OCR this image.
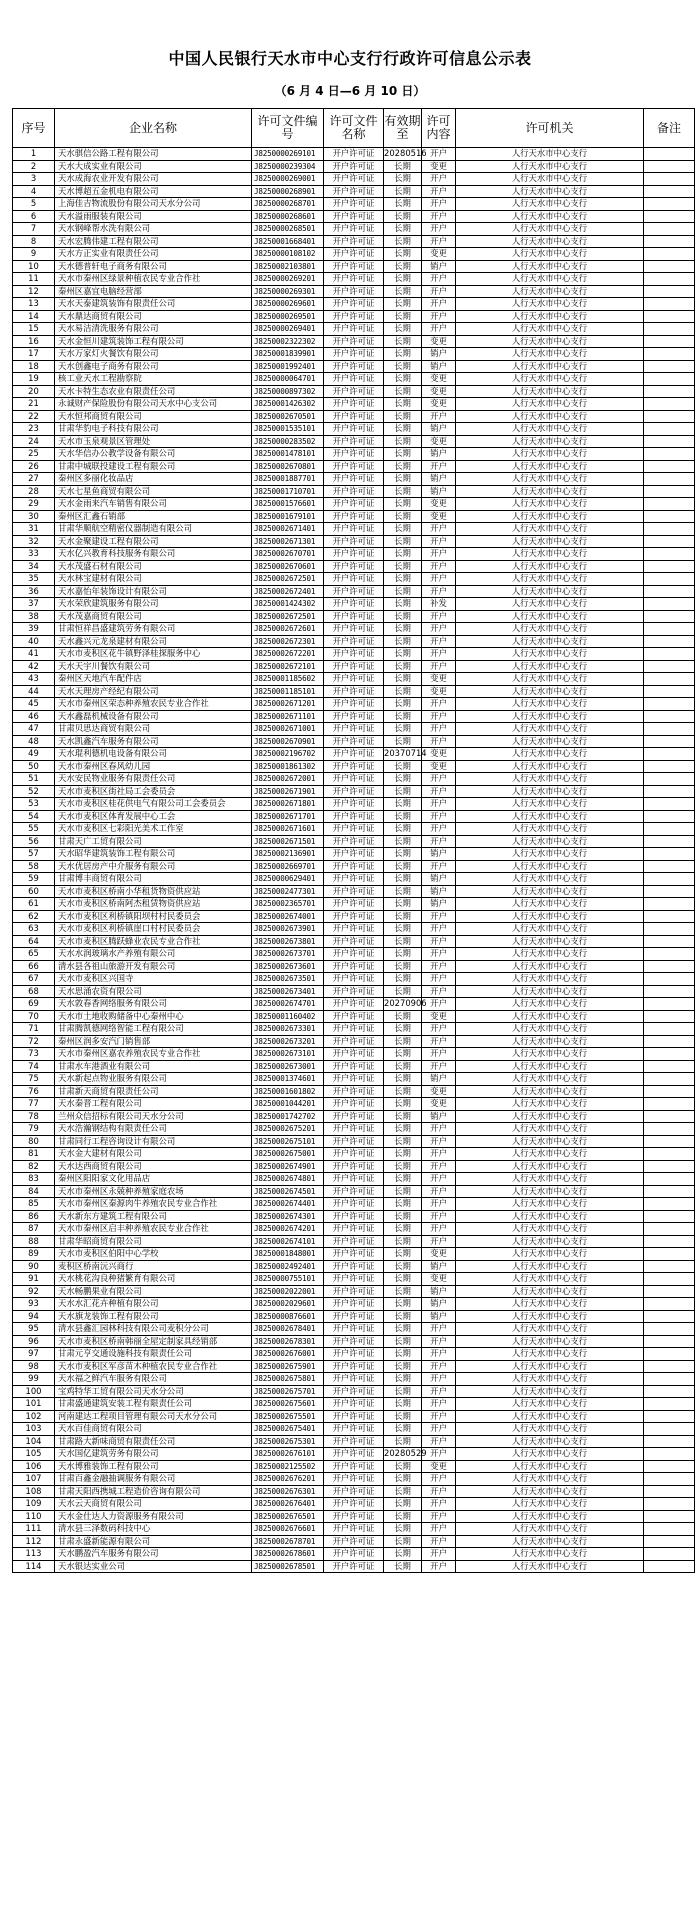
中国人民银行天水市中心支行行政许可信息公示表
（6 月 4 日—6 月 10 日）
序号	企业名称	许可文件编号	许可文件名称	有效期至	许可内容	许可机关	备注
1	天水骐信公路工程有限公司	J8250000269101	开户许可证	20280516	开户	人行天水市中心支行	
2	天水大成实业有限公司	J8250000239304	开户许可证	长期	变更	人行天水市中心支行	
3	天水成海农业开发有限公司	J8250000269001	开户许可证	长期	开户	人行天水市中心支行	
4	天水博超五金机电有限公司	J8250000268901	开户许可证	长期	开户	人行天水市中心支行	
5	上海佳吉物流股份有限公司天水分公司	J8250000268701	开户许可证	长期	开户	人行天水市中心支行	
6	天水溢雨服装有限公司	J8250000268601	开户许可证	长期	开户	人行天水市中心支行	
7	天水钢峰帮水洗有限公司	J8250000268501	开户许可证	长期	开户	人行天水市中心支行	
8	天水宏腾伟建工程有限公司	J8250001668401	开户许可证	长期	开户	人行天水市中心支行	
9	天水方正实业有限责任公司	J8250000108102	开户许可证	长期	变更	人行天水市中心支行	
10	天水德普轩电子商务有限公司	J8250002103801	开户许可证	长期	销户	人行天水市中心支行	
11	天水市秦州区绿景种植农民专业合作社	J8250000269201	开户许可证	长期	开户	人行天水市中心支行	
12	秦州区嘉宜电脑经营部	J8250000269301	开户许可证	长期	开户	人行天水市中心支行	
13	天水天泰建筑装饰有限责任公司	J8250000269601	开户许可证	长期	开户	人行天水市中心支行	
14	天水鼎达商贸有限公司	J8250000269501	开户许可证	长期	开户	人行天水市中心支行	
15	天水易洁清洗服务有限公司	J8250000269401	开户许可证	长期	开户	人行天水市中心支行	
16	天水金恒川建筑装饰工程有限公司	J8250002322302	开户许可证	长期	变更	人行天水市中心支行	
17	天水万家灯火餐饮有限公司	J8250001839901	开户许可证	长期	销户	人行天水市中心支行	
18	天水创鑫电子商务有限公司	J8250001992401	开户许可证	长期	销户	人行天水市中心支行	
19	核工业天水工程勘察院	J8250000064701	开户许可证	长期	变更	人行天水市中心支行	
20	天水卡特生态农业有限责任公司	J8250000897302	开户许可证	长期	变更	人行天水市中心支行	
21	永诚财产保险股份有限公司天水中心支公司	J8250001426302	开户许可证	长期	变更	人行天水市中心支行	
22	天水恒邦商贸有限公司	J8250002670501	开户许可证	长期	开户	人行天水市中心支行	
23	甘肃华豹电子科技有限公司	J8250001535101	开户许可证	长期	销户	人行天水市中心支行	
24	天水市玉泉观景区管理处	J8250000283502	开户许可证	长期	变更	人行天水市中心支行	
25	天水华信办公教学设备有限公司	J8250001478101	开户许可证	长期	销户	人行天水市中心支行	
26	甘肃中城联投建设工程有限公司	J8250002670801	开户许可证	长期	开户	人行天水市中心支行	
27	秦州区多丽化妆品店	J8250001887701	开户许可证	长期	销户	人行天水市中心支行	
28	天水七星鱼商贸有限公司	J8250001710701	开户许可证	长期	销户	人行天水市中心支行	
29	天水金雨来汽车销售有限公司	J8250001576601	开户许可证	长期	变更	人行天水市中心支行	
30	秦州区汇鑫石销部	J8250001679101	开户许可证	长期	变更	人行天水市中心支行	
31	甘肃华顺航空精密仪器制造有限公司	J8250002671401	开户许可证	长期	开户	人行天水市中心支行	
32	天水金聚建设工程有限公司	J8250002671301	开户许可证	长期	开户	人行天水市中心支行	
33	天水亿兴教育科技服务有限公司	J8250002670701	开户许可证	长期	开户	人行天水市中心支行	
34	天水茂盛石材有限公司	J8250002670601	开户许可证	长期	开户	人行天水市中心支行	
35	天水林宝建材有限公司	J8250002672501	开户许可证	长期	开户	人行天水市中心支行	
36	天水嘉怡年装饰设计有限公司	J8250002672401	开户许可证	长期	开户	人行天水市中心支行	
37	天水荣欣建筑服务有限公司	J8250001424302	开户许可证	长期	补发	人行天水市中心支行	
38	天水茂嘉商贸有限公司	J8250002672501	开户许可证	长期	开户	人行天水市中心支行	
39	甘肃恒祥昌盛建筑劳务有限公司	J8250002672601	开户许可证	长期	开户	人行天水市中心支行	
40	天水鑫兴元龙泉建材有限公司	J8250002672301	开户许可证	长期	开户	人行天水市中心支行	
41	天水市麦积区花牛镇野泽桂探服务中心	J8250002672201	开户许可证	长期	开户	人行天水市中心支行	
42	天水天宇川餐饮有限公司	J8250002672101	开户许可证	长期	开户	人行天水市中心支行	
43	秦州区天地汽车配件店	J8250001185602	开户许可证	长期	变更	人行天水市中心支行	
44	天水天理房产经纪有限公司	J8250001185101	开户许可证	长期	变更	人行天水市中心支行	
45	天水市秦州区荣态种养殖农民专业合作社	J8250002671201	开户许可证	长期	开户	人行天水市中心支行	
46	天水鑫磊机械设备有限公司	J8250002671101	开户许可证	长期	开户	人行天水市中心支行	
47	甘肃贝思达商贸有限公司	J8250002671001	开户许可证	长期	开户	人行天水市中心支行	
48	天水凯鑫汽车服务有限公司	J8250002670901	开户许可证	长期	开户	人行天水市中心支行	
49	天水琨利德机电设备有限公司	J8250002196702	开户许可证	20370714	变更	人行天水市中心支行	
50	天水市秦州区春风幼儿园	J8250001861302	开户许可证	长期	变更	人行天水市中心支行	
51	天水安民物业服务有限责任公司	J8250002672001	开户许可证	长期	开户	人行天水市中心支行	
52	天水市麦积区街社局工会委员会	J8250002671901	开户许可证	长期	开户	人行天水市中心支行	
53	天水市麦积区桂花供电气有限公司工会委员会	J8250002671801	开户许可证	长期	开户	人行天水市中心支行	
54	天水市麦积区体育发展中心工会	J8250002671701	开户许可证	长期	开户	人行天水市中心支行	
55	天水市麦积区七彩阳光美术工作室	J8250002671601	开户许可证	长期	开户	人行天水市中心支行	
56	甘肃天广工贸有限公司	J8250002671501	开户许可证	长期	开户	人行天水市中心支行	
57	天水昭华建筑装饰工程有限公司	J8250002136901	开户许可证	长期	销户	人行天水市中心支行	
58	天水优居房产中介服务有限公司	J8250002669701	开户许可证	长期	开户	人行天水市中心支行	
59	甘肃博丰商贸有限公司	J8250000629401	开户许可证	长期	销户	人行天水市中心支行	
60	天水市麦积区桥南小华租货物资供应站	J8250002477301	开户许可证	长期	销户	人行天水市中心支行	
61	天水市麦积区桥南阿杰租赁物资供应站	J8250002365701	开户许可证	长期	销户	人行天水市中心支行	
62	天水市麦积区利桥镇阳坝村村民委员会	J8250002674001	开户许可证	长期	开户	人行天水市中心支行	
63	天水市麦积区利桥镇崖口村村民委员会	J8250002673901	开户许可证	长期	开户	人行天水市中心支行	
64	天水市麦积区腾跃蜂业农民专业合作社	J8250002673801	开户许可证	长期	开户	人行天水市中心支行	
65	天水水润玻璃水产养殖有限公司	J8250002673701	开户许可证	长期	开户	人行天水市中心支行	
66	清水县各祖山旅游开发有限公司	J8250002673601	开户许可证	长期	开户	人行天水市中心支行	
67	天水市麦积区兴国寺	J8250002673501	开户许可证	长期	开户	人行天水市中心支行	
68	天水思涌农资有限公司	J8250002673401	开户许可证	长期	开户	人行天水市中心支行	
69	天水敦春香网络服务有限公司	J8250002674701	开户许可证	20270906	开户	人行天水市中心支行	
70	天水市土地收购储备中心秦州中心	J8250001160402	开户许可证	长期	变更	人行天水市中心支行	
71	甘肃腾凯德网络智能工程有限公司	J8250002673301	开户许可证	长期	开户	人行天水市中心支行	
72	秦州区润多安汽门销售部	J8250002673201	开户许可证	长期	开户	人行天水市中心支行	
73	天水市秦州区嘉农养殖农民专业合作社	J8250002673101	开户许可证	长期	开户	人行天水市中心支行	
74	甘肃水车港酒业有限公司	J8250002673001	开户许可证	长期	开户	人行天水市中心支行	
75	天水新起点物业服务有限公司	J8250001374601	开户许可证	长期	销户	人行天水市中心支行	
76	甘肃新天商贸有限责任公司	J8250001601802	开户许可证	长期	变更	人行天水市中心支行	
77	天水秦晋工程有限公司	J8250001044201	开户许可证	长期	变更	人行天水市中心支行	
78	兰州众信招标有限公司天水分公司	J8250001742702	开户许可证	长期	销户	人行天水市中心支行	
79	天水浩瀚钢结构有限责任公司	J8250002675201	开户许可证	长期	开户	人行天水市中心支行	
80	甘肃同行工程咨询设计有限公司	J8250002675101	开户许可证	长期	开户	人行天水市中心支行	
81	天水金大建材有限公司	J8250002675001	开户许可证	长期	开户	人行天水市中心支行	
82	天水达西商贸有限公司	J8250002674901	开户许可证	长期	开户	人行天水市中心支行	
83	秦州区阳阳家文化用品店	J8250002674801	开户许可证	长期	开户	人行天水市中心支行	
84	天水市秦州区永兢种养殖家庭农场	J8250002674501	开户许可证	长期	开户	人行天水市中心支行	
85	天水市秦州区秦源肉牛养殖农民专业合作社	J8250002674401	开户许可证	长期	开户	人行天水市中心支行	
86	天水新东方建筑工程有限公司	J8250002674301	开户许可证	长期	开户	人行天水市中心支行	
87	天水市秦州区启丰种养殖农民专业合作社	J8250002674201	开户许可证	长期	开户	人行天水市中心支行	
88	甘肃华昭商贸有限公司	J8250002674101	开户许可证	长期	开户	人行天水市中心支行	
89	天水市麦积区伯阳中心学校	J8250001848001	开户许可证	长期	变更	人行天水市中心支行	
90	麦积区桥南沅兴商行	J8250002492401	开户许可证	长期	销户	人行天水市中心支行	
91	天水桃花沟良种猪繁育有限公司	J8250000755101	开户许可证	长期	变更	人行天水市中心支行	
92	天水畅鹏果业有限公司	J8250002022001	开户许可证	长期	销户	人行天水市中心支行	
93	天水水汇花卉种植有限公司	J8250002029601	开户许可证	长期	销户	人行天水市中心支行	
94	天水旗龙装饰工程有限公司	J8250000876601	开户许可证	长期	销户	人行天水市中心支行	
95	清水县鑫汇园林科技有限公司麦积分公司	J8250002678401	开户许可证	长期	开户	人行天水市中心支行	
96	天水市麦积区桥南韩丽全屋定制家具经销部	J8250002678301	开户许可证	长期	开户	人行天水市中心支行	
97	甘肃元亨交通设施科技有限责任公司	J8250002676001	开户许可证	长期	开户	人行天水市中心支行	
98	天水市麦积区军彦苗木种植农民专业合作社	J8250002675901	开户许可证	长期	开户	人行天水市中心支行	
99	天水福之鲜汽车服务有限公司	J8250002675801	开户许可证	长期	开户	人行天水市中心支行	
100	宝鸡特华工贸有限公司天水分公司	J8250002675701	开户许可证	长期	开户	人行天水市中心支行	
101	甘肃盛通建筑安装工程有限责任公司	J8250002675601	开户许可证	长期	开户	人行天水市中心支行	
102	河南建达工程项目管理有限公司天水分公司	J8250002675501	开户许可证	长期	开户	人行天水市中心支行	
103	天水百佳商贸有限公司	J8250002675401	开户许可证	长期	开户	人行天水市中心支行	
104	甘肃路大新味商贸有限责任公司	J8250002675301	开户许可证	长期	开户	人行天水市中心支行	
105	天水国亿建筑劳务有限公司	J8250002676101	开户许可证	20280529	开户	人行天水市中心支行	
106	天水博雅装饰工程有限公司	J8250002125502	开户许可证	长期	变更	人行天水市中心支行	
107	甘肃百鑫金融抽调服务有限公司	J8250002676201	开户许可证	长期	开户	人行天水市中心支行	
108	甘肃天阳西携城工程造价咨询有限公司	J8250002676301	开户许可证	长期	开户	人行天水市中心支行	
109	天水云天商贸有限公司	J8250002676401	开户许可证	长期	开户	人行天水市中心支行	
110	天水金仕达人力资源服务有限公司	J8250002676501	开户许可证	长期	开户	人行天水市中心支行	
111	清水县三泽数码科技中心	J8250002676601	开户许可证	长期	开户	人行天水市中心支行	
112	甘肃永盛新能源有限公司	J8250002678701	开户许可证	长期	开户	人行天水市中心支行	
113	天水鹏盈汽车服务有限公司	J8250002678601	开户许可证	长期	开户	人行天水市中心支行	
114	天水银达实业公司	J8250002678501	开户许可证	长期	开户	人行天水市中心支行	
